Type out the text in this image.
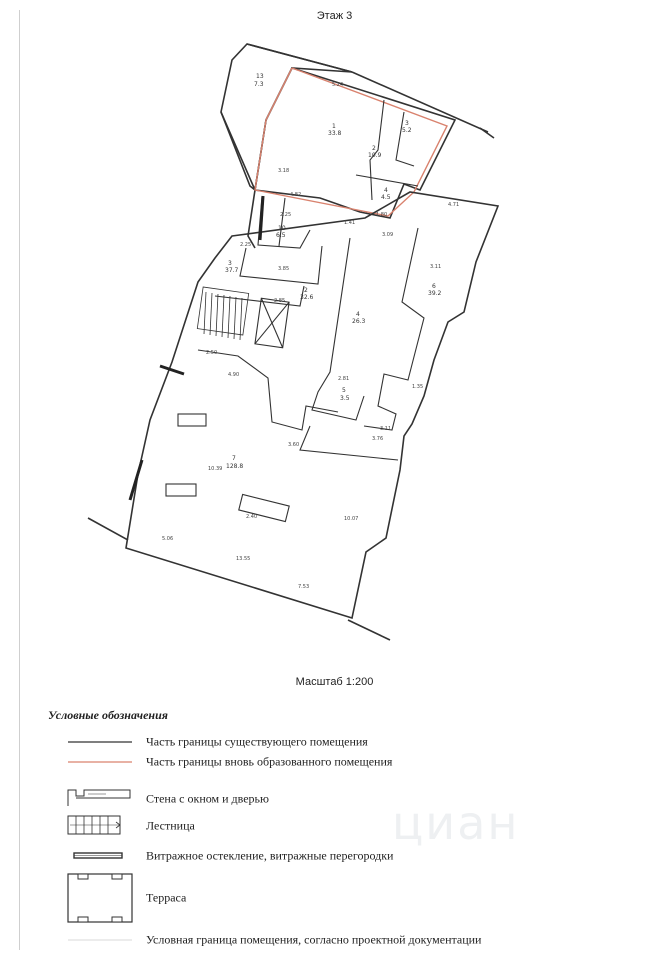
Этаж 3
13
7.3
1
33.8
2
10.9
3
5.2
4
4.5
10
6.5
3
37.7
2
32.6
4
26.3
5
3.5
6
39.2
7
128.8
5.24
4.82
3.18
2.25
2.25
3.09
4.71
3.11
1.41
3.85
2.85
2.50
4.90
10.39
13.55
7.53
5.06
2.40
3.60
1.80
2.81
1.35
3.11
3.76
10.07
Масштаб 1:200
Условные обозначения
Часть границы существующего помещения
Часть границы вновь образованного помещения
Стена с окном и дверью
Лестница
Витражное остекление, витражные перегородки
Терраса
Условная граница помещения, согласно проектной документации
циан
